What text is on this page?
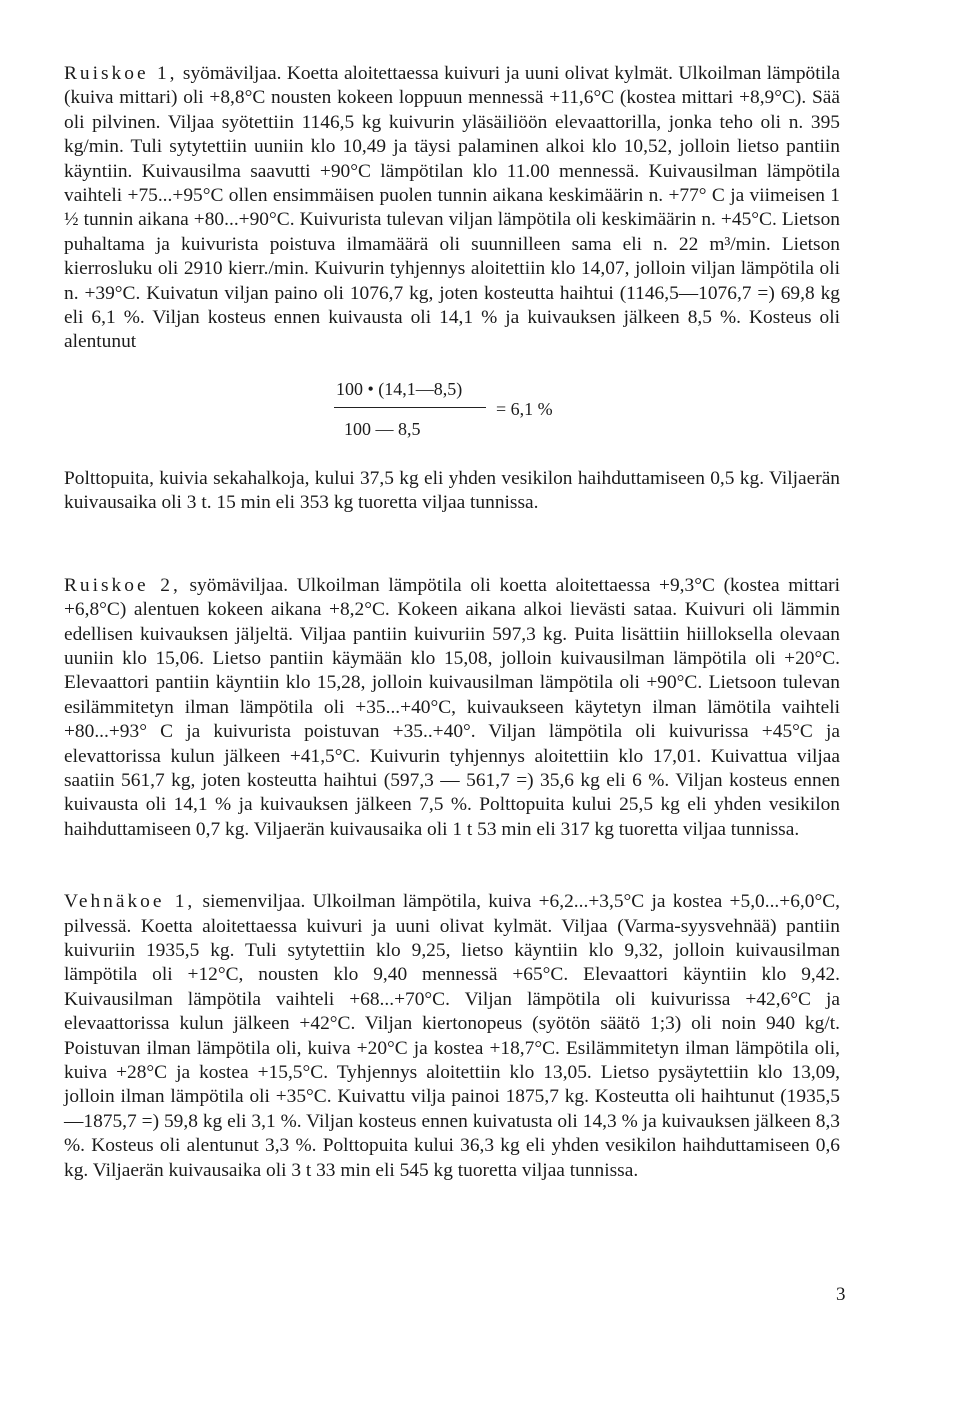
Ruiskoe 1, syömäviljaa. Koetta aloitettaessa kuivuri ja uuni olivat kylmät. Ulkoilman lämpötila (kuiva mittari) oli +8,8°C nousten kokeen loppuun mennessä +11,6°C (kostea mittari +8,9°C). Sää oli pilvinen. Viljaa syötettiin 1146,5 kg kuivurin yläsäiliöön elevaattorilla, jonka teho oli n. 395 kg/min. Tuli sytytettiin uuniin klo 10,49 ja täysi palaminen alkoi klo 10,52, jolloin lietso pantiin käyntiin. Kuivausilma saavutti +90°C lämpötilan klo 11.00 mennessä. Kuivausilman lämpötila vaihteli +75...+95°C ollen ensimmäisen puolen tunnin aikana keskimäärin n. +77° C ja viimeisen 1 ½ tunnin aikana +80...+90°C. Kuivurista tulevan viljan lämpötila oli keskimäärin n. +45°C. Lietson puhaltama ja kuivurista poistuva ilmamäärä oli suunnilleen sama eli n. 22 m³/min. Lietson kierrosluku oli 2910 kierr./min. Kuivurin tyhjennys aloitettiin klo 14,07, jolloin viljan lämpötila oli n. +39°C. Kuivatun viljan paino oli 1076,7 kg, joten kosteutta haihtui (1146,5—1076,7 =) 69,8 kg eli 6,1 %. Viljan kosteus ennen kuivausta oli 14,1 % ja kuivauksen jälkeen 8,5 %. Kosteus oli alentunut

100 • (14,1—8,5)
100 — 8,5
= 6,1 %

Polttopuita, kuivia sekahalkoja, kului 37,5 kg eli yhden vesikilon haihduttamiseen 0,5 kg. Viljaerän kuivausaika oli 3 t. 15 min eli 353 kg tuoretta viljaa tunnissa.

Ruiskoe 2, syömäviljaa. Ulkoilman lämpötila oli koetta aloitettaessa +9,3°C (kostea mittari +6,8°C) alentuen kokeen aikana +8,2°C. Kokeen aikana alkoi lievästi sataa. Kuivuri oli lämmin edellisen kuivauksen jäljeltä. Viljaa pantiin kuivuriin 597,3 kg. Puita lisättiin hiilloksella olevaan uuniin klo 15,06. Lietso pantiin käymään klo 15,08, jolloin kuivausilman lämpötila oli +20°C. Elevaattori pantiin käyntiin klo 15,28, jolloin kuivausilman lämpötila oli +90°C. Lietsoon tulevan esilämmitetyn ilman lämpötila oli +35...+40°C, kuivaukseen käytetyn ilman lämötila vaihteli +80...+93° C ja kuivurista poistuvan +35..+40°. Viljan lämpötila oli kuivurissa +45°C ja elevattorissa kulun jälkeen +41,5°C. Kuivurin tyhjennys aloitettiin klo 17,01. Kuivattua viljaa saatiin 561,7 kg, joten kosteutta haihtui (597,3 — 561,7 =) 35,6 kg eli 6 %. Viljan kosteus ennen kuivausta oli 14,1 % ja kuivauksen jälkeen 7,5 %. Polttopuita kului 25,5 kg eli yhden vesikilon haihduttamiseen 0,7 kg. Viljaerän kuivausaika oli 1 t 53 min eli 317 kg tuoretta viljaa tunnissa.

Vehnäkoe 1, siemenviljaa. Ulkoilman lämpötila, kuiva +6,2...+3,5°C ja kostea +5,0...+6,0°C, pilvessä. Koetta aloitettaessa kuivuri ja uuni olivat kylmät. Viljaa (Varma-syysvehnää) pantiin kuivuriin 1935,5 kg. Tuli sytytettiin klo 9,25, lietso käyntiin klo 9,32, jolloin kuivausilman lämpötila oli +12°C, nousten klo 9,40 mennessä +65°C. Elevaattori käyntiin klo 9,42. Kuivausilman lämpötila vaihteli +68...+70°C. Viljan lämpötila oli kuivurissa +42,6°C ja elevaattorissa kulun jälkeen +42°C. Viljan kiertonopeus (syötön säätö 1;3) oli noin 940 kg/t. Poistuvan ilman lämpötila oli, kuiva +20°C ja kostea +18,7°C. Esilämmitetyn ilman lämpötila oli, kuiva +28°C ja kostea +15,5°C. Tyhjennys aloitettiin klo 13,05. Lietso pysäytettiin klo 13,09, jolloin ilman lämpötila oli +35°C. Kuivattu vilja painoi 1875,7 kg. Kosteutta oli haihtunut (1935,5—1875,7 =) 59,8 kg eli 3,1 %. Viljan kosteus ennen kuivatusta oli 14,3 % ja kuivauksen jälkeen 8,3 %. Kosteus oli alentunut 3,3 %. Polttopuita kului 36,3 kg eli yhden vesikilon haihduttamiseen 0,6 kg. Viljaerän kuivausaika oli 3 t 33 min eli 545 kg tuoretta viljaa tunnissa.

3
